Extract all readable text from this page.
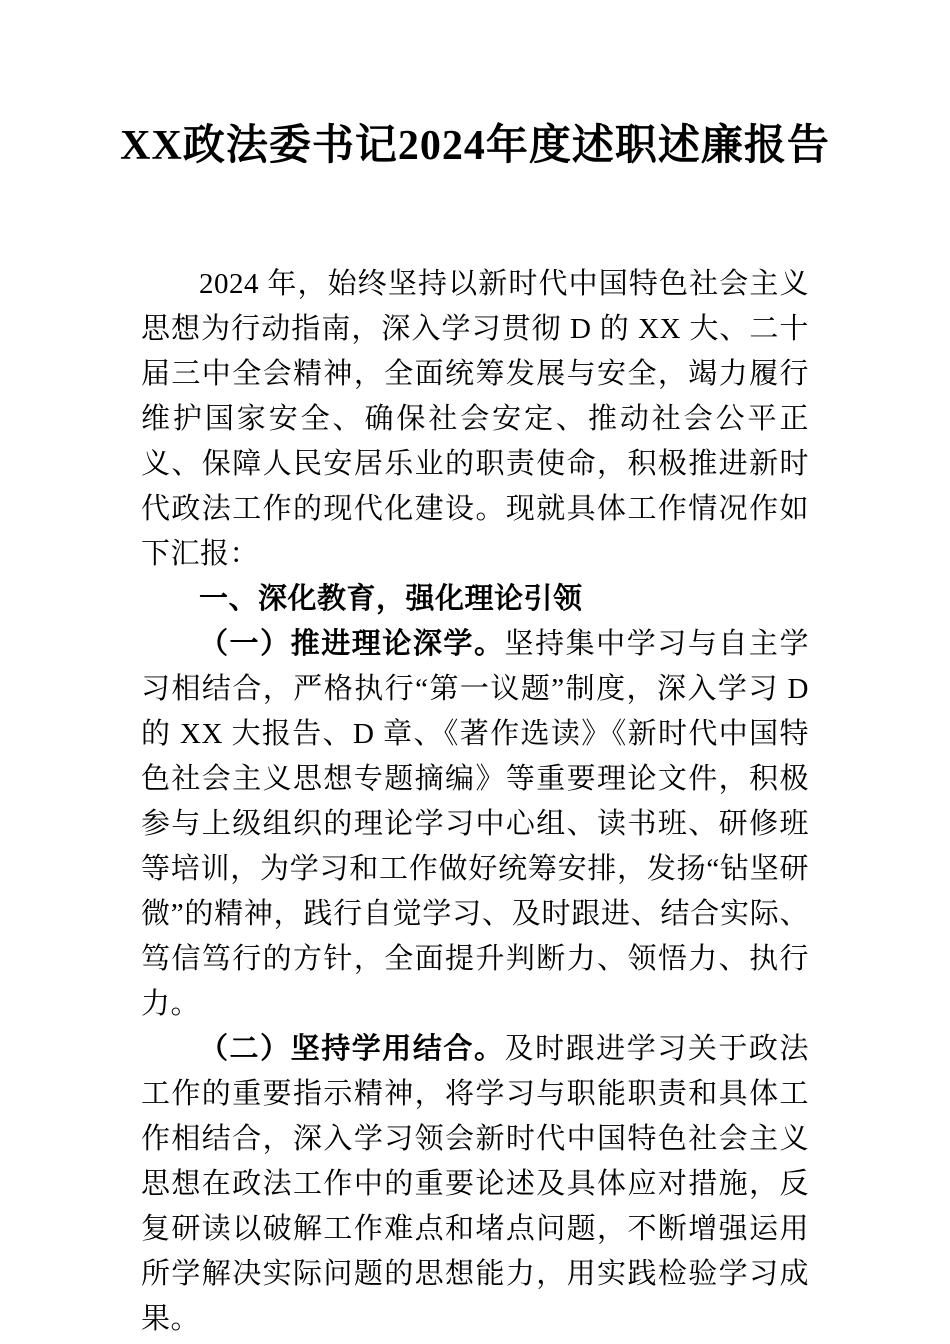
XX政法委书记2024年度述职述廉报告

2024 年，始终坚持以新时代中国特色社会主义思想为行动指南，深入学习贯彻 D 的 XX 大、二十届三中全会精神，全面统筹发展与安全，竭力履行维护国家安全、确保社会安定、推动社会公平正义、保障人民安居乐业的职责使命，积极推进新时代政法工作的现代化建设。现就具体工作情况作如下汇报：

一、深化教育，强化理论引领

（一）推进理论深学。坚持集中学习与自主学习相结合，严格执行“第一议题”制度，深入学习 D 的 XX 大报告、D 章、《著作选读》《新时代中国特色社会主义思想专题摘编》等重要理论文件，积极参与上级组织的理论学习中心组、读书班、研修班等培训，为学习和工作做好统筹安排，发扬“钻坚研微”的精神，践行自觉学习、及时跟进、结合实际、笃信笃行的方针，全面提升判断力、领悟力、执行力。

（二）坚持学用结合。及时跟进学习关于政法工作的重要指示精神，将学习与职能职责和具体工作相结合，深入学习领会新时代中国特色社会主义思想在政法工作中的重要论述及具体应对措施，反复研读以破解工作难点和堵点问题，不断增强运用所学解决实际问题的思想能力，用实践检验学习成果。
